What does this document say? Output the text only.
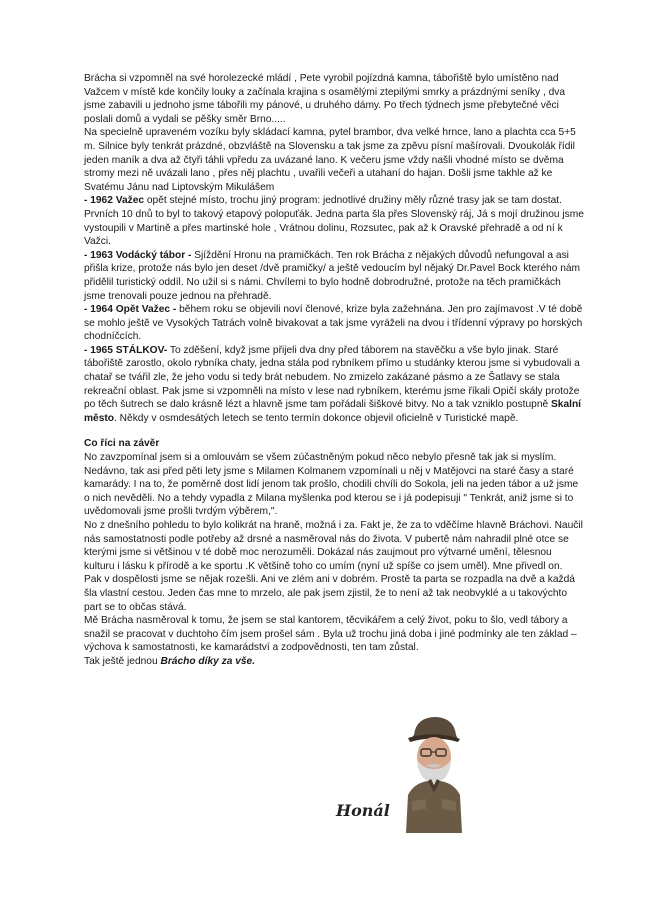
Brácha si vzpomněl na své horolezecké mládí , Pete vyrobil pojízdná kamna, tábořiště bylo umístěno nad Važcem v místě kde končily louky a začínala krajina s osamělými ztepilými smrky a prázdnými seníky , dva jsme zabavili u jednoho jsme tábořili my pánové, u druhého dámy. Po třech týdnech jsme přebytečné věci poslali domů a vydali se pěšky směr Brno.....

Na specielně upraveném vozíku byly skládací kamna, pytel brambor, dva velké hrnce, lano a plachta cca 5+5 m. Silnice byly tenkrát prázdné, obzvláště na Slovensku a tak jsme za zpěvu písní mašírovali. Dvoukolák řídil jeden maník a dva až čtyři táhli vpředu za uvázané lano. K večeru jsme vždy našli vhodné místo se dvěma stromy mezi ně uvázali lano , přes něj plachtu , uvařili večeři a utahaní do hajan. Došli jsme takhle až ke Svatému Jánu nad Liptovským Mikulášem

- 1962 Važec opět stejné místo, trochu jiný program: jednotlivé družiny měly různé trasy jak se tam dostat. Prvních 10 dnů to byl to takový etapový polopuťák. Jedna parta šla přes Slovenský ráj, Já s mojí družinou jsme vystoupili v Martině a přes martinské hole , Vrátnou dolinu, Rozsutec, pak až k Oravské přehradě a od ní k Važci.

- 1963 Vodácký tábor - Sjíždění Hronu na pramičkách. Ten rok Brácha z nějakých důvodů nefungoval a asi přišla krize, protože nás bylo jen deset /dvě pramičky/ a ještě vedoucím byl nějaký Dr.Pavel Bock kterého nám přidělil turistický oddíl. No užil si s námi. Chvílemi to bylo hodně dobrodružné, protože na těch pramičkách jsme trenovali pouze jednou na přehradě.

- 1964 Opět Važec - během roku se objevili noví členové, krize byla zažehnána. Jen pro zajímavost .V té době se mohlo ještě ve Vysokých Tatrách volně bivakovat a tak jsme vyráželi na dvou i třídenní výpravy po horských chodníčcích.

- 1965 STÁLKOV- To zděšení, když jsme přijeli dva dny před táborem na stavěčku a vše bylo jinak. Staré tábořiště zarostlo, okolo rybníka chaty, jedna stála pod rybníkem přímo u studánky kterou jsme si vybudovali a chatař se tvářil zle, že jeho vodu si tedy brát nebudem. No zmizelo zakázané pásmo a ze Šatlavy se stala rekreační oblast. Pak jsme si vzpomněli na místo v lese nad rybníkem, kterému jsme říkali Opičí skály protože po těch šutrech se dalo krásně lézt a hlavně jsme tam pořádali šiškové bitvy. No a tak vzniklo postupně Skalní město. Někdy v osmdesátých letech se tento termín dokonce objevil oficielně v Turistické mapě.

Co říci na závěr

No zavzpomínal jsem si a omlouvám se všem zúčastněným pokud něco nebylo přesně tak jak si myslím. Nedávno, tak asi před pěti lety jsme s Milamen Kolmanem vzpomínali u něj v Matějovci na staré časy a staré kamarády. I na to, že poměrně dost lidí jenom tak prošlo, chodili chvíli do Sokola, jeli na jeden tábor a už jsme o nich nevěděli. No a tehdy vypadla z Milana myšlenka pod kterou se i já podepisuji " Tenkrát, aniž jsme si to uvědomovali jsme prošli tvrdým výběrem,".

No z dnešního pohledu to bylo kolikrát na hraně, možná i za. Fakt je, že za to vděčíme hlavně Bráchovi. Naučil nás samostatnosti podle potřeby až drsné a nasměroval nás do života. V pubertě nám nahradil plné otce se kterými jsme si většinou v té době moc nerozuměli. Dokázal nás zaujmout pro výtvarné umění, tělesnou kulturu i lásku k přírodě a ke sportu .K většině toho co umím (nyní už spíše co jsem uměl). Mne přivedl on.

Pak v dospělosti jsme se nějak rozešli. Ani ve zlém ani v dobrém. Prostě ta parta se rozpadla na dvě a každá šla vlastní cestou. Jeden čas mne to mrzelo, ale pak jsem zjistil, že to není až tak neobvyklé a u takovýchto part se to občas stává.

Mě Brácha nasměroval k tomu, že jsem se stal kantorem, těcvikářem a celý život, poku to šlo, vedl tábory a snažil se pracovat v duchtoho čím jsem prošel sám . Byla už trochu jiná doba i jiné podmínky ale ten základ – výchova k samostatnosti, ke kamarádství a zodpovědnosti, ten tam zůstal.

Tak ještě jednou Brácho díky za vše.

Honál
